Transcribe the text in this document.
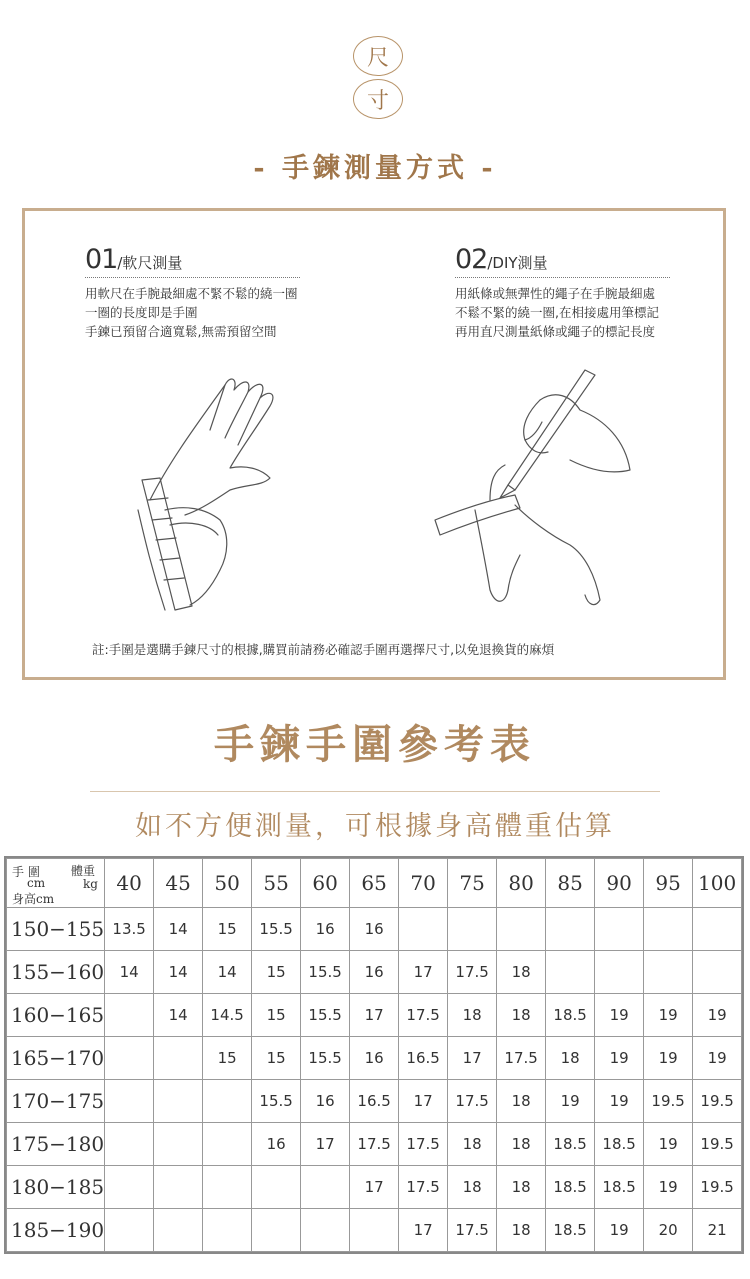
尺
寸
- 手鍊測量方式 -
01/軟尺測量
用軟尺在手腕最細處不緊不鬆的繞一圈
一圈的長度即是手圍
手鍊已預留合適寬鬆,無需預留空間
02/DIY測量
用紙條或無彈性的繩子在手腕最細處
不鬆不緊的繞一圈,在相接處用筆標記
再用直尺測量紙條或繩子的標記長度
註:手圍是選購手鍊尺寸的根據,購買前請務必確認手圍再選擇尺寸,以免退換貨的麻煩
手鍊手圍參考表
如不方便測量，可根據身高體重估算
手 圍
cm
體重
kg
身高cm	40	45	50	55	60	65	70	75	80	85	90	95	100
150−155	13.5	14	15	15.5	16	16							
155−160	14	14	14	15	15.5	16	17	17.5	18				
160−165		14	14.5	15	15.5	17	17.5	18	18	18.5	19	19	19
165−170			15	15	15.5	16	16.5	17	17.5	18	19	19	19
170−175				15.5	16	16.5	17	17.5	18	19	19	19.5	19.5
175−180				16	17	17.5	17.5	18	18	18.5	18.5	19	19.5
180−185						17	17.5	18	18	18.5	18.5	19	19.5
185−190							17	17.5	18	18.5	19	20	21
